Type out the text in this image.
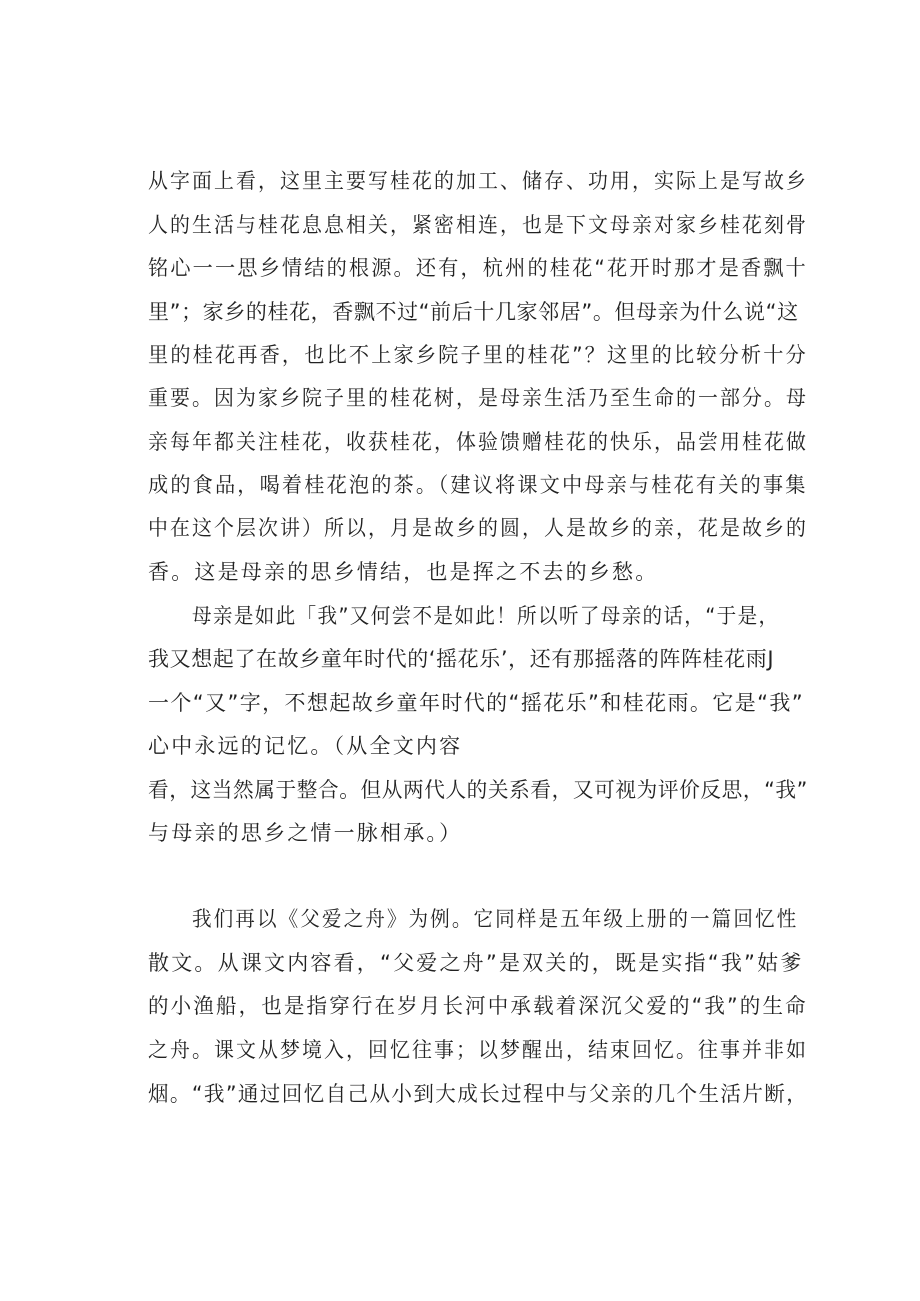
从字面上看，这里主要写桂花的加工、储存、功用，实际上是写故乡
人的生活与桂花息息相关，紧密相连，也是下文母亲对家乡桂花刻骨
铭心一一思乡情结的根源。还有，杭州的桂花“花开时那才是香飘十
里”；家乡的桂花，香飘不过“前后十几家邻居”。但母亲为什么说“这
里的桂花再香，也比不上家乡院子里的桂花”？这里的比较分析十分
重要。因为家乡院子里的桂花树，是母亲生活乃至生命的一部分。母
亲每年都关注桂花，收获桂花，体验馈赠桂花的快乐，品尝用桂花做
成的食品，喝着桂花泡的茶。（建议将课文中母亲与桂花有关的事集
中在这个层次讲）所以，月是故乡的圆，人是故乡的亲，花是故乡的
香。这是母亲的思乡情结，也是挥之不去的乡愁。
母亲是如此「我”又何尝不是如此！所以听了母亲的话，“于是，
我又想起了在故乡童年时代的‘摇花乐’，还有那摇落的阵阵桂花雨J
一个“又”字，不想起故乡童年时代的“摇花乐”和桂花雨。它是“我”
心中永远的记忆。（从全文内容
看，这当然属于整合。但从两代人的关系看，又可视为评价反思，“我”
与母亲的思乡之情一脉相承。）
我们再以《父爱之舟》为例。它同样是五年级上册的一篇回忆性
散文。从课文内容看，“父爱之舟”是双关的，既是实指“我”姑爹
的小渔船，也是指穿行在岁月长河中承载着深沉父爱的“我”的生命
之舟。课文从梦境入，回忆往事；以梦醒出，结束回忆。往事并非如
烟。“我”通过回忆自己从小到大成长过程中与父亲的几个生活片断，
